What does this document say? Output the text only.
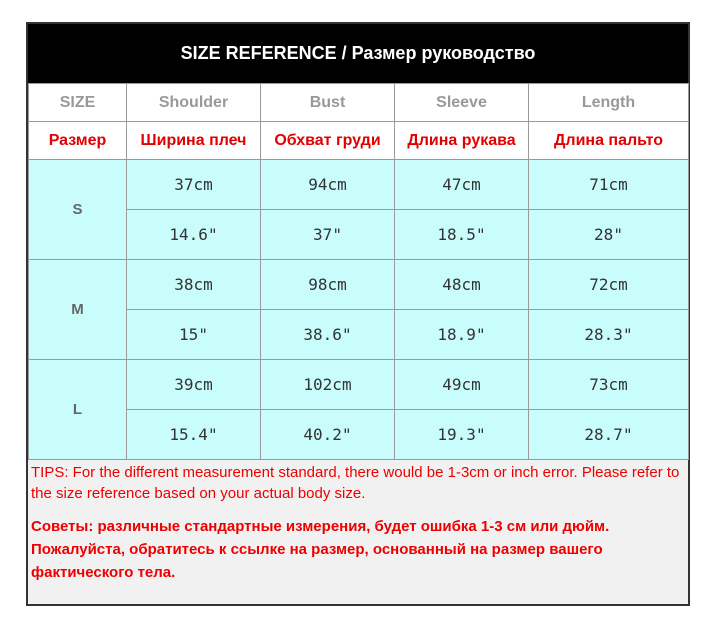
SIZE REFERENCE / Размер руководство
SIZE	Shoulder	Bust	Sleeve	Length
Размер	Ширина плеч	Обхват груди	Длина рукава	Длина пальто
S	37cm	94cm	47cm	71cm
	14.6"	37"	18.5"	28"
M	38cm	98cm	48cm	72cm
	15"	38.6"	18.9"	28.3"
L	39cm	102cm	49cm	73cm
	15.4"	40.2"	19.3"	28.7"
TIPS: For the different measurement standard, there would be 1-3cm or inch error. Please refer to the size reference based on your actual body size.
Советы: различные стандартные измерения, будет ошибка 1-3 см или дюйм. Пожалуйста, обратитесь к ссылке на размер, основанный на размер вашего фактического тела.
